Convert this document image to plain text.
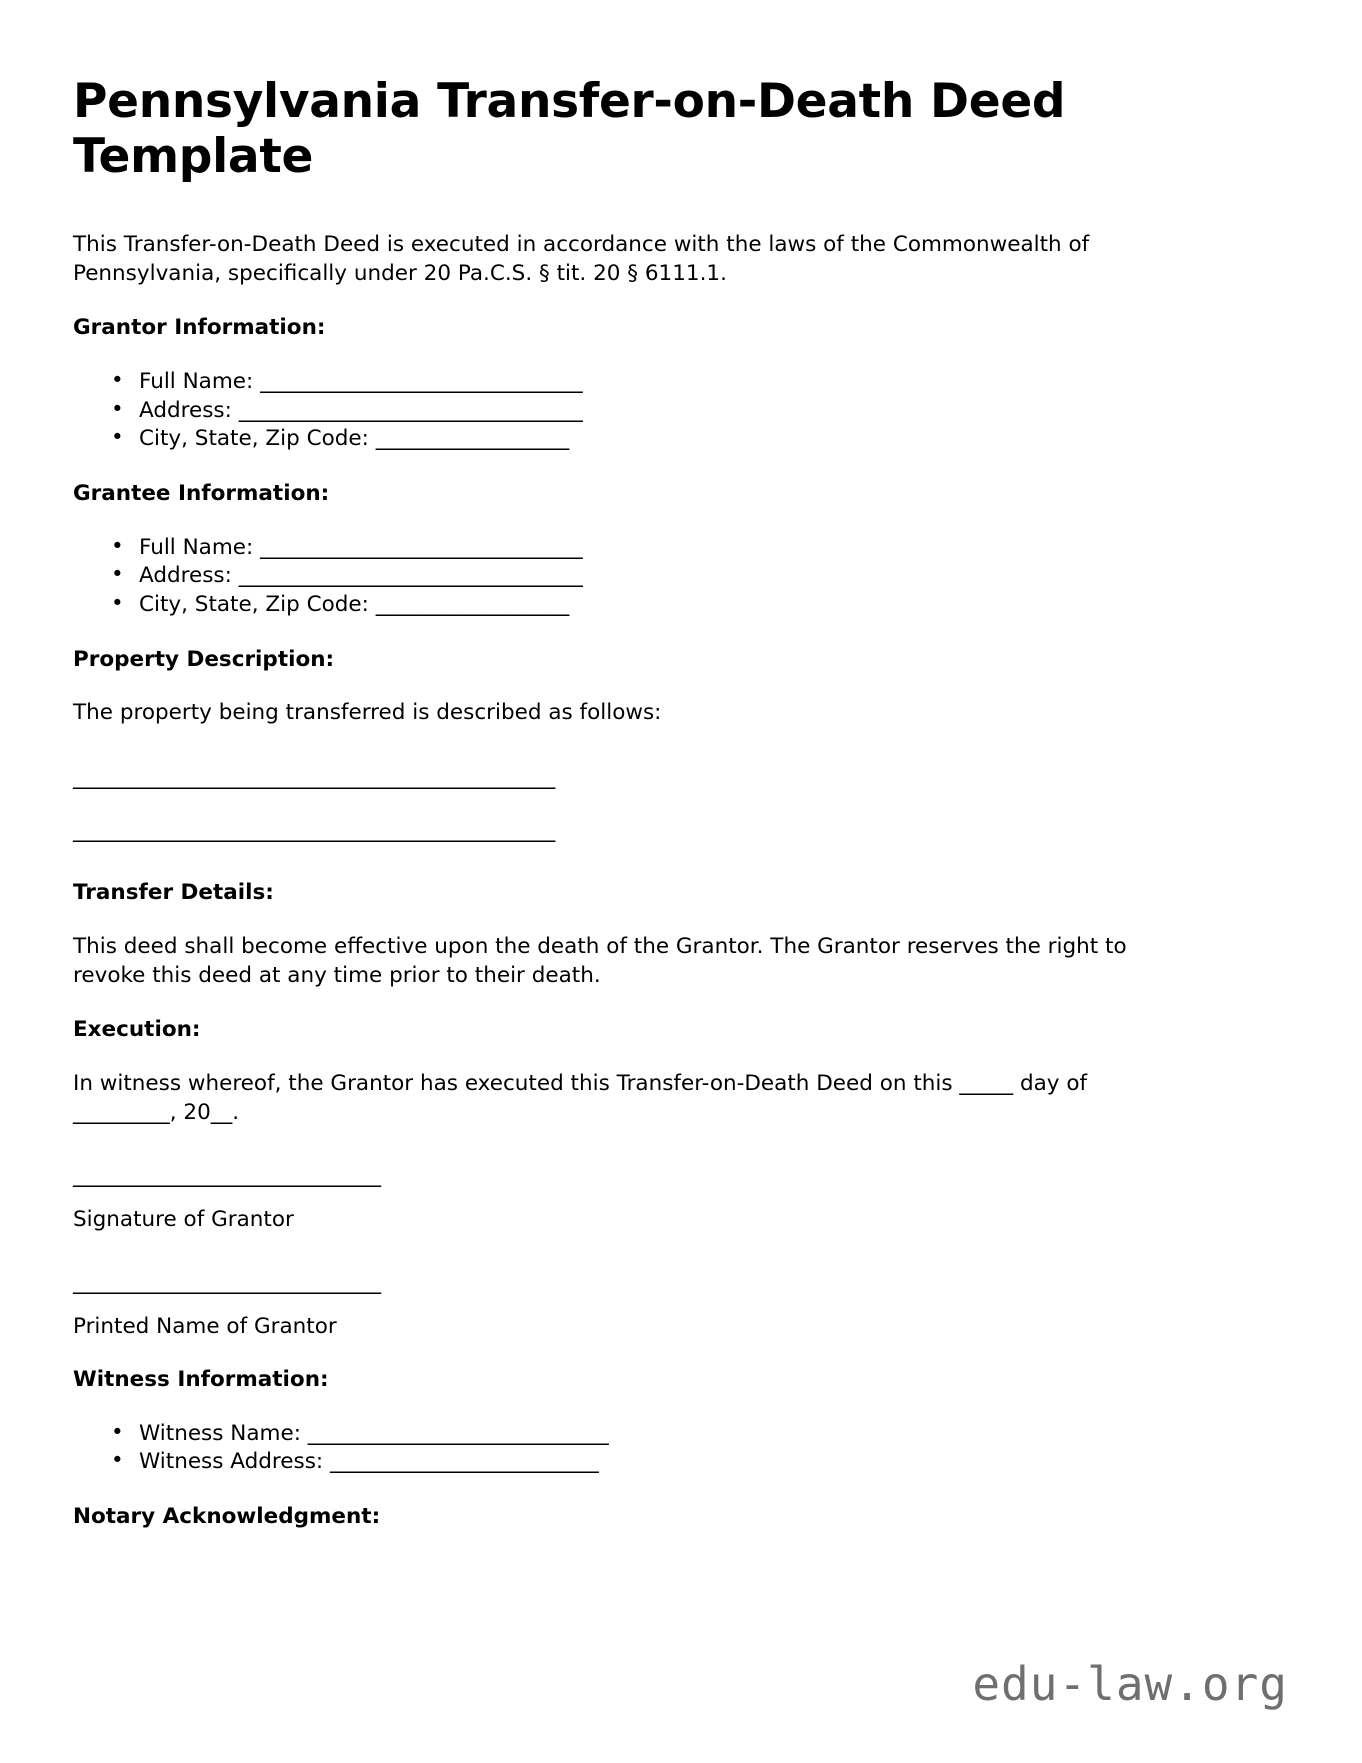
Pennsylvania Transfer-on-Death Deed Template

This Transfer-on-Death Deed is executed in accordance with the laws of the Commonwealth of Pennsylvania, specifically under 20 Pa.C.S. § tit. 20 § 6111.1.

Grantor Information:
• Full Name: ______________________________
• Address: ________________________________
• City, State, Zip Code: __________________
Grantee Information:
• Full Name: ______________________________
• Address: ________________________________
• City, State, Zip Code: __________________
Property Description:

The property being transferred is described as follows:

_______________________________________________
_______________________________________________
Transfer Details:

This deed shall become effective upon the death of the Grantor. The Grantor reserves the right to revoke this deed at any time prior to their death.

Execution:

In witness whereof, the Grantor has executed this Transfer-on-Death Deed on this _____ day of _________, 20__.

______________________________
Signature of Grantor
______________________________
Printed Name of Grantor
Witness Information:
• Witness Name: ____________________________
• Witness Address: _________________________
Notary Acknowledgment:
edu-law.org
